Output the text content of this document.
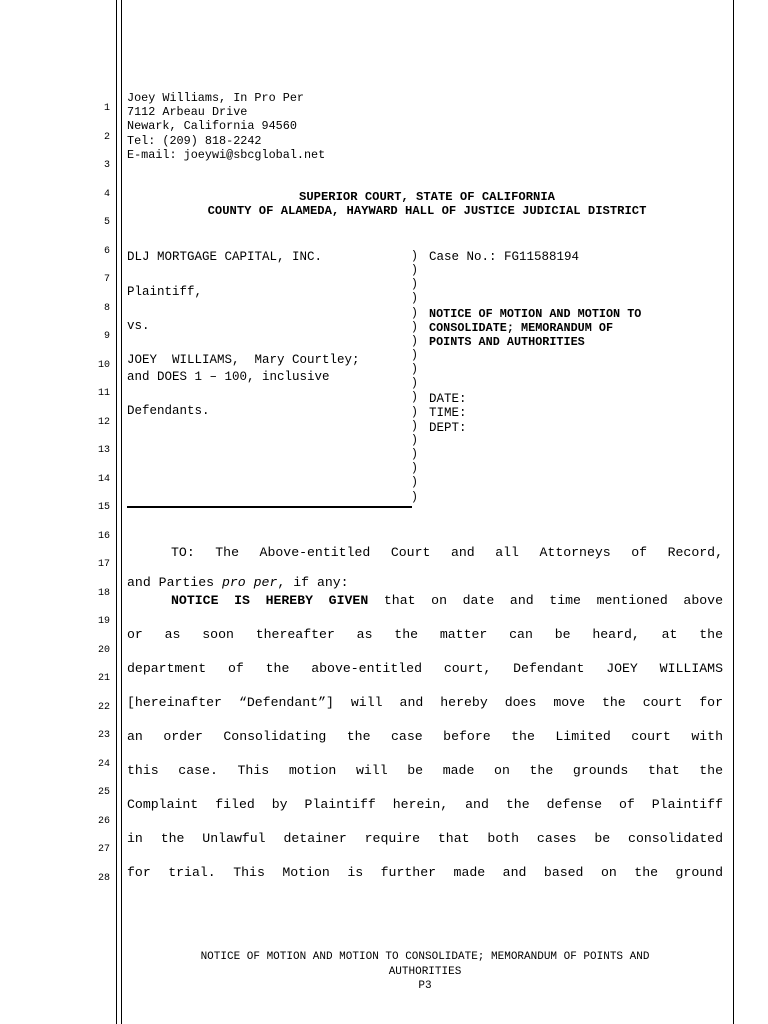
1
2
3
4
5
6
7
8
9
10
11
12
13
14
15
16
17
18
19
20
21
22
23
24
25
26
27
28
Joey Williams, In Pro Per
7112 Arbeau Drive
Newark, California 94560
Tel: (209) 818-2242
E-mail: joeywi@sbcglobal.net
SUPERIOR COURT, STATE OF CALIFORNIA
COUNTY OF ALAMEDA, HAYWARD HALL OF JUSTICE JUDICIAL DISTRICT
DLJ MORTGAGE CAPITAL, INC.
Plaintiff,
vs.
JOEY  WILLIAMS,  Mary Courtley;
and DOES 1 – 100, inclusive
Defendants.
)
)
)
)
)
)
)
)
)
)
)
)
)
)
)
)
)
)
Case No.: FG11588194
NOTICE OF MOTION AND MOTION TO
CONSOLIDATE; MEMORANDUM OF
POINTS AND AUTHORITIES
DATE:
TIME:
DEPT:
TO: The Above-entitled Court and all Attorneys of Record,
and Parties pro per, if any:
NOTICE IS HEREBY GIVEN that on date and time mentioned above
or as soon thereafter as the matter can be heard, at the
department of the above-entitled court, Defendant JOEY WILLIAMS
[hereinafter “Defendant”] will and hereby does move the court for
an order Consolidating the case before the Limited court with
this case. This motion will be made on the grounds that the
Complaint filed by Plaintiff herein, and the defense of Plaintiff
in the Unlawful detainer require that both cases be consolidated
for trial. This Motion is further made and based on the ground
NOTICE OF MOTION AND MOTION TO CONSOLIDATE; MEMORANDUM OF POINTS AND
AUTHORITIES
P3
